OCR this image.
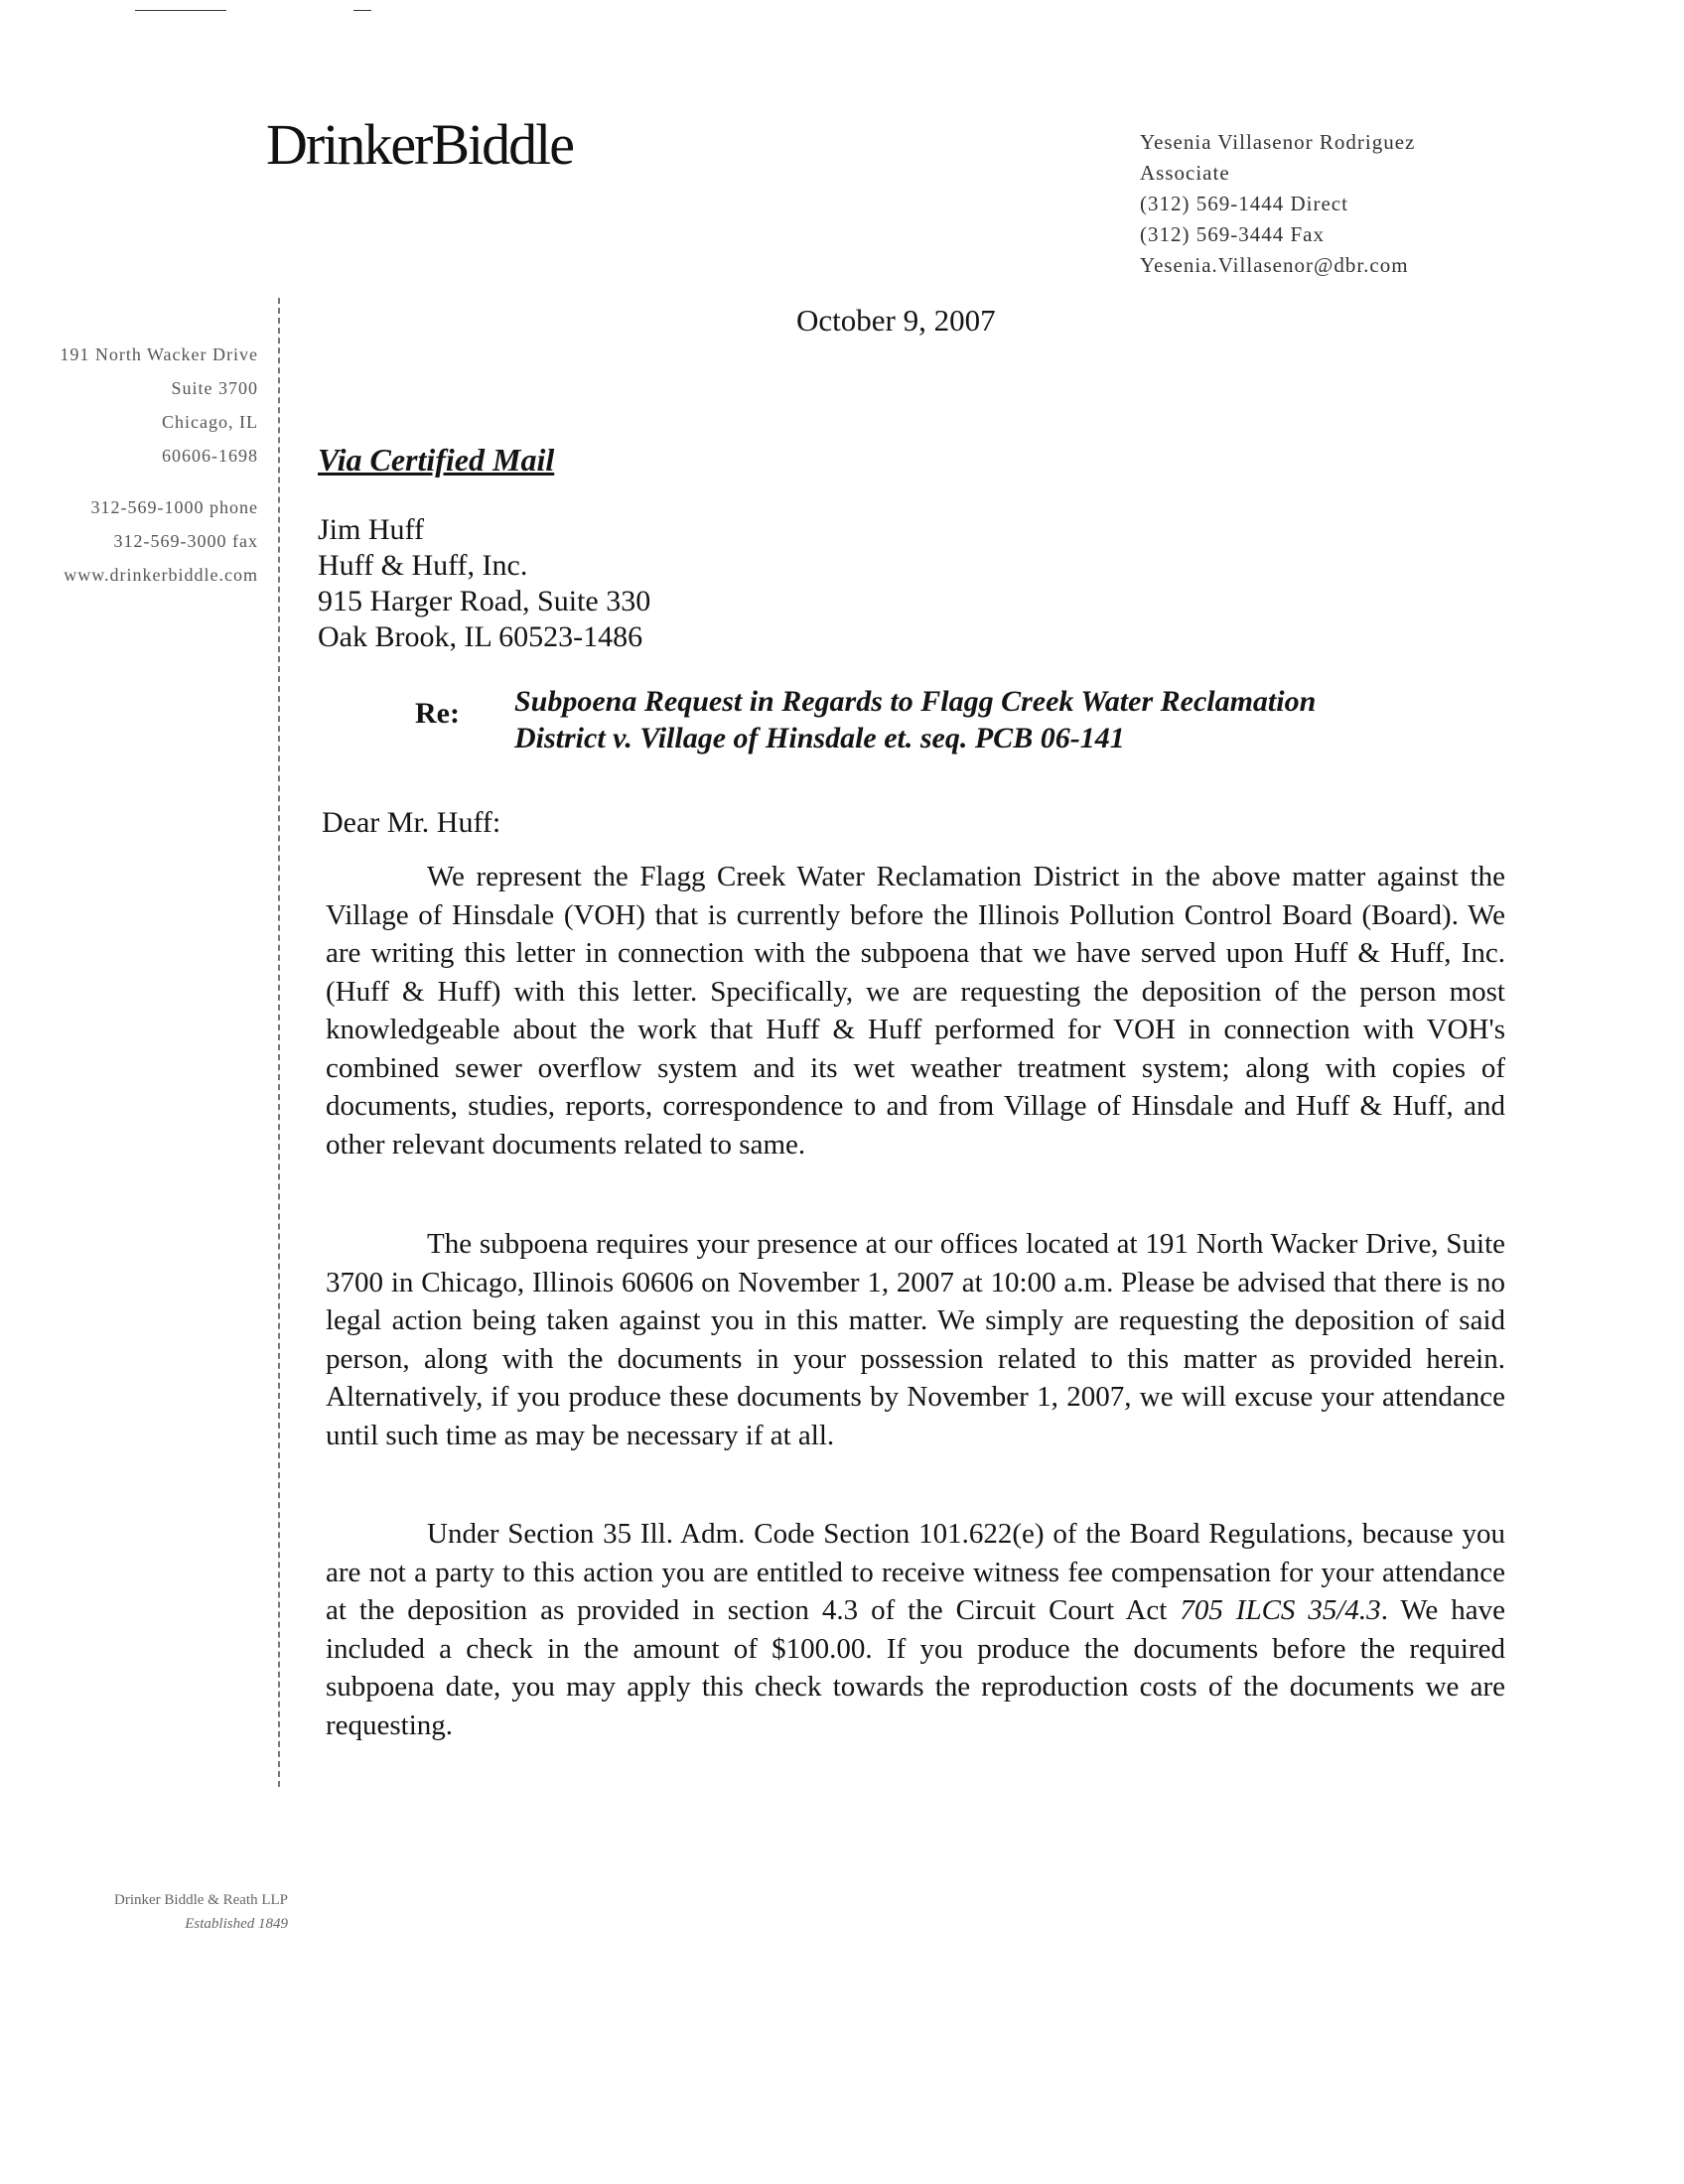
DrinkerBiddle	Yesenia Villasenor Rodriguez
Associate
(312) 569-1444 Direct
(312) 569-3444 Fax
Yesenia.Villasenor@dbr.com
October 9, 2007
191 North Wacker Drive
Suite 3700
Chicago, IL
60606-1698
312-569-1000 phone
312-569-3000 fax
www.drinkerbiddle.com
Via Certified Mail
Jim Huff
Huff & Huff, Inc.
915 Harger Road, Suite 330
Oak Brook, IL 60523-1486
Re: Subpoena Request in Regards to Flagg Creek Water Reclamation
District v. Village of Hinsdale et. seq. PCB 06-141
Dear Mr. Huff:
We represent the Flagg Creek Water Reclamation District in the above matter against the Village of Hinsdale (VOH) that is currently before the Illinois Pollution Control Board (Board). We are writing this letter in connection with the subpoena that we have served upon Huff & Huff, Inc. (Huff & Huff) with this letter. Specifically, we are requesting the deposition of the person most knowledgeable about the work that Huff & Huff performed for VOH in connection with VOH's combined sewer overflow system and its wet weather treatment system; along with copies of documents, studies, reports, correspondence to and from Village of Hinsdale and Huff & Huff, and other relevant documents related to same.
The subpoena requires your presence at our offices located at 191 North Wacker Drive, Suite 3700 in Chicago, Illinois 60606 on November 1, 2007 at 10:00 a.m. Please be advised that there is no legal action being taken against you in this matter. We simply are requesting the deposition of said person, along with the documents in your possession related to this matter as provided herein. Alternatively, if you produce these documents by November 1, 2007, we will excuse your attendance until such time as may be necessary if at all.
Under Section 35 Ill. Adm. Code Section 101.622(e) of the Board Regulations, because you are not a party to this action you are entitled to receive witness fee compensation for your attendance at the deposition as provided in section 4.3 of the Circuit Court Act 705 ILCS 35/4.3. We have included a check in the amount of $100.00. If you produce the documents before the required subpoena date, you may apply this check towards the reproduction costs of the documents we are requesting.
Drinker Biddle & Reath LLP
Established 1849
